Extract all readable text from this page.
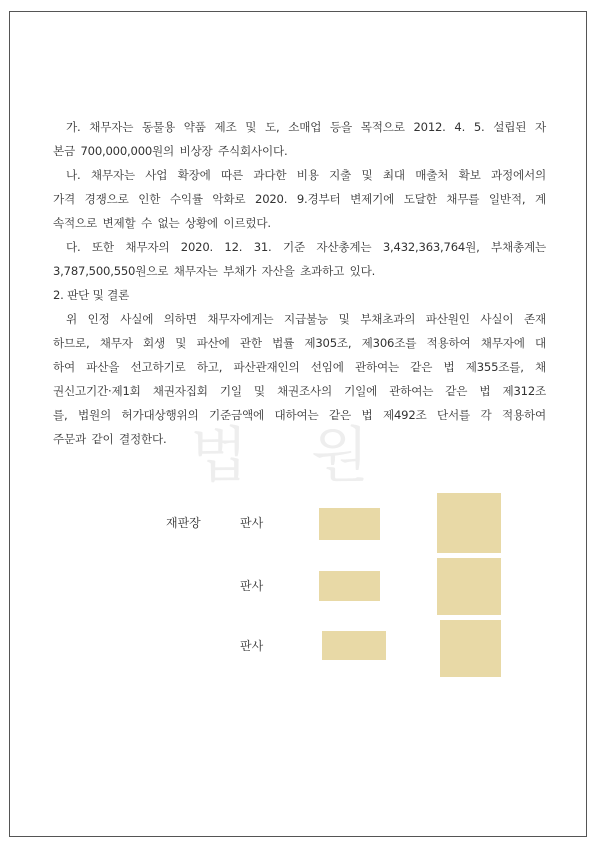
법 원

가. 채무자는 동물용 약품 제조 및 도, 소매업 등을 목적으로 2012. 4. 5. 설립된 자

본금 700,000,000원의 비상장 주식회사이다.

나. 채무자는 사업 확장에 따른 과다한 비용 지출 및 최대 매출처 확보 과정에서의

가격 경쟁으로 인한 수익률 악화로 2020. 9.경부터 변제기에 도달한 채무를 일반적, 계

속적으로 변제할 수 없는 상황에 이르렀다.

다. 또한 채무자의 2020. 12. 31. 기준 자산총계는 3,432,363,764원, 부채총계는

3,787,500,550원으로 채무자는 부채가 자산을 초과하고 있다.

2. 판단 및 결론

위 인정 사실에 의하면 채무자에게는 지급불능 및 부채초과의 파산원인 사실이 존재

하므로, 채무자 회생 및 파산에 관한 법률 제305조, 제306조를 적용하여 채무자에 대

하여 파산을 선고하기로 하고, 파산관재인의 선임에 관하여는 같은 법 제355조를, 채

권신고기간·제1회 채권자집회 기일 및 채권조사의 기일에 관하여는 같은 법 제312조

를, 법원의 허가대상행위의 기준금액에 대하여는 같은 법 제492조 단서를 각 적용하여

주문과 같이 결정한다.

재판장	판사
판사
판사
